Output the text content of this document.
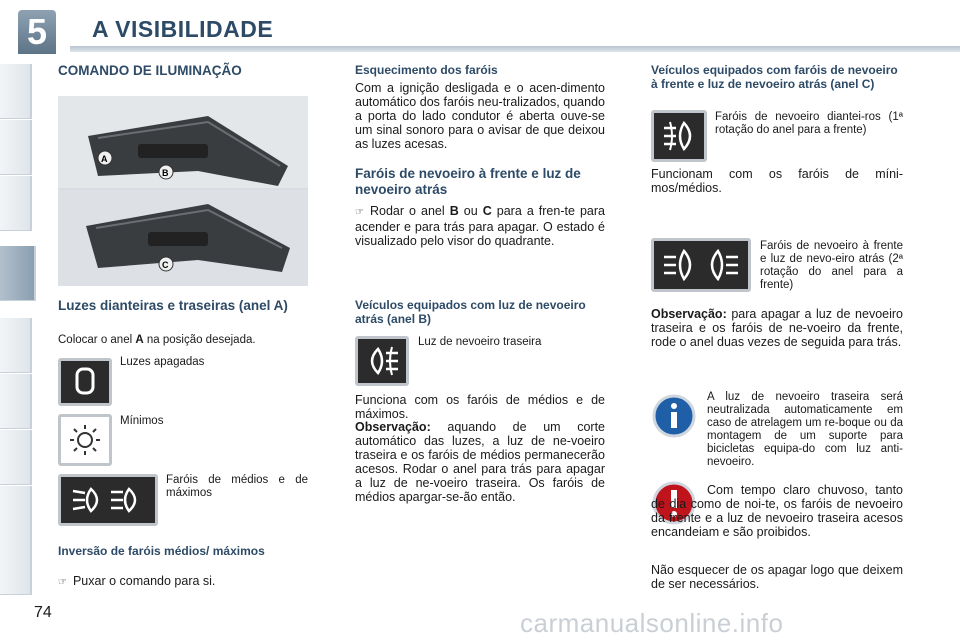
5	A VISIBILIDADE
COMANDO DE ILUMINAÇÃO
A
B
C
Luzes dianteiras e traseiras (anel A)
Colocar o anel A na posição desejada.
Luzes apagadas
Mínimos
Faróis de médios e de máximos
Inversão de faróis médios/ máximos
☞ Puxar o comando para si.
Esquecimento dos faróis
Com a ignição desligada e o acen-dimento automático dos faróis neu-tralizados, quando a porta do lado condutor é aberta ouve-se um sinal sonoro para o avisar de que deixou as luzes acesas.
Faróis de nevoeiro à frente e luz de nevoeiro atrás
☞ Rodar o anel B ou C para a fren-te para acender e para trás para apagar. O estado é visualizado pelo visor do quadrante.
Veículos equipados com luz de nevoeiro atrás (anel B)
Luz de nevoeiro traseira
Funciona com os faróis de médios e de máximos.
Observação: aquando de um corte automático das luzes, a luz de ne-voeiro traseira e os faróis de médios permanecerão acesos. Rodar o anel para trás para apagar a luz de ne-voeiro traseira. Os faróis de médios apargar-se-ão então.
Veículos equipados com faróis de nevoeiro à frente e luz de nevoeiro atrás (anel C)
Faróis de nevoeiro diantei-ros (1ª rotação do anel para a frente)
Funcionam com os faróis de míni-mos/médios.
Faróis de nevoeiro à frente e luz de nevo-eiro atrás (2ª rotação do anel para a frente)
Observação: para apagar a luz de nevoeiro traseira e os faróis de ne-voeiro da frente, rode o anel duas vezes de seguida para trás.
A luz de nevoeiro traseira será neutralizada automaticamente em caso de atrelagem um re-boque ou da montagem de um suporte para bicicletas equipa-do com luz anti-nevoeiro.
Com tempo claro chuvoso, tanto de dia como de noi-te, os faróis de nevoeiro da frente e a luz de nevoeiro traseira acesos encandeiam e são proibidos.
Não esquecer de os apagar logo que deixem de ser necessários.
74	carmanualsonline.info
